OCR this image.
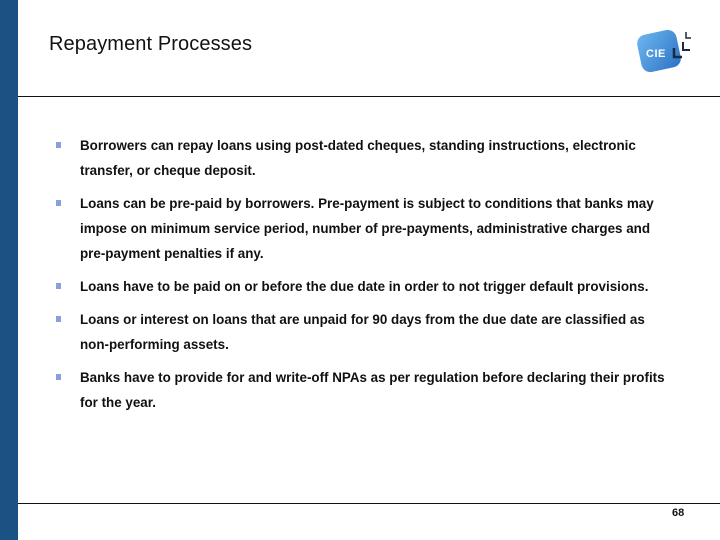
Repayment Processes	CIE
Borrowers can repay loans using post-dated cheques, standing instructions, electronic transfer, or cheque deposit.
Loans can be pre-paid by borrowers. Pre-payment is subject to conditions that banks may impose on minimum service period, number of pre-payments, administrative charges and pre-payment penalties if any.
Loans have to be paid on or before the due date in order to not trigger default provisions.
Loans or interest on loans that are unpaid for 90 days from the due date are classified as non-performing assets.
Banks have to provide for and write-off NPAs as per regulation before declaring their profits for the year.
68
